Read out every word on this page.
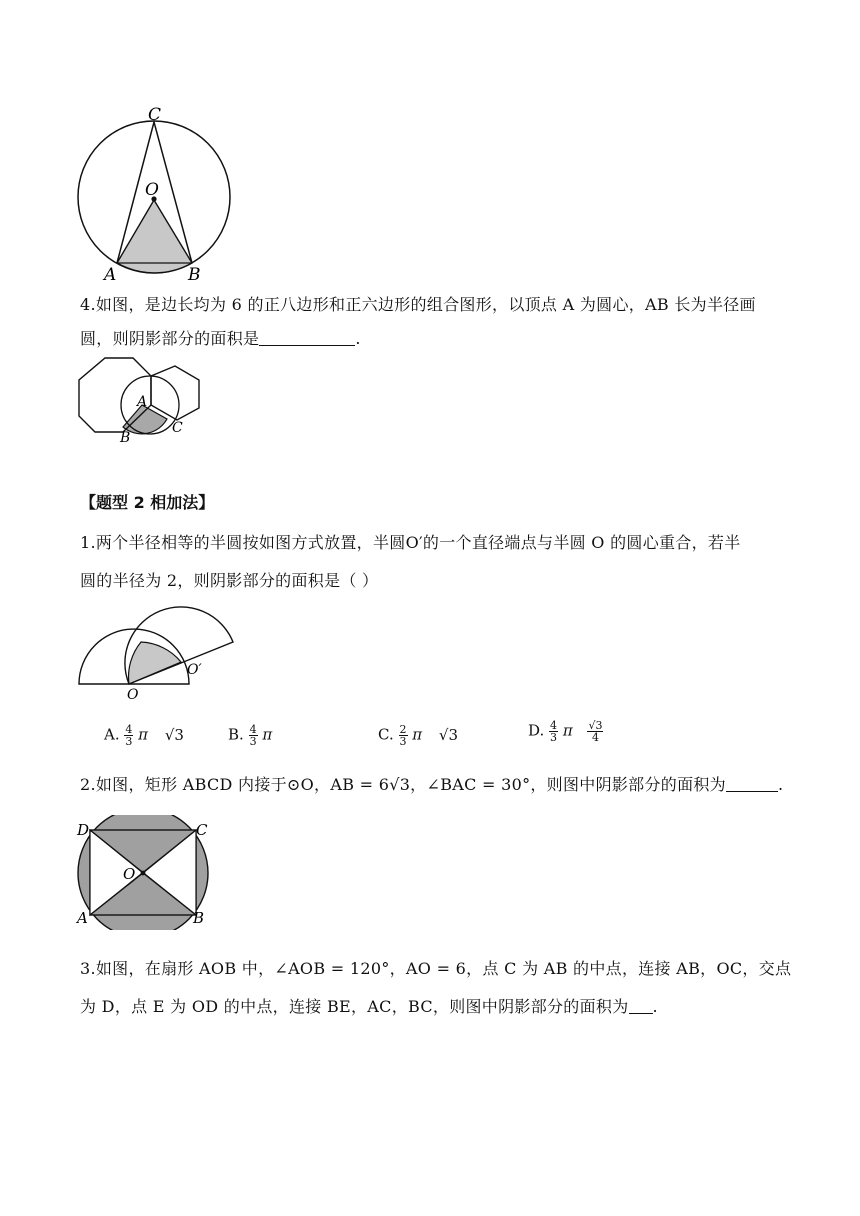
C
O
A	B
4.如图，是边长均为 6 的正八边形和正六边形的组合图形，以顶点 A 为圆心，AB 长为半径画
圆，则阴影部分的面积是	.
A
B
C
【题型 2 相加法】
1.两个半径相等的半圆按如图方式放置，半圆O′的一个直径端点与半圆 O 的圆心重合，若半
圆的半径为 2，则阴影部分的面积是（ ）
O
O′
A. $\frac{4}{3}$ π √3	B. $\frac{4}{3}$ π	C. $\frac{2}{3}$ π √3	D. $\frac{4}{3}$ π $\frac{√3}{4}$
2.如图，矩形 ABCD 内接于⊙O，AB = 6√3，∠BAC = 30°，则图中阴影部分的面积为	.
D	C
O
A	B
3.如图，在扇形 AOB 中，∠AOB = 120°，AO = 6，点 C 为 AB 的中点，连接 AB，OC，交点
为 D，点 E 为 OD 的中点，连接 BE，AC，BC，则图中阴影部分的面积为 .
